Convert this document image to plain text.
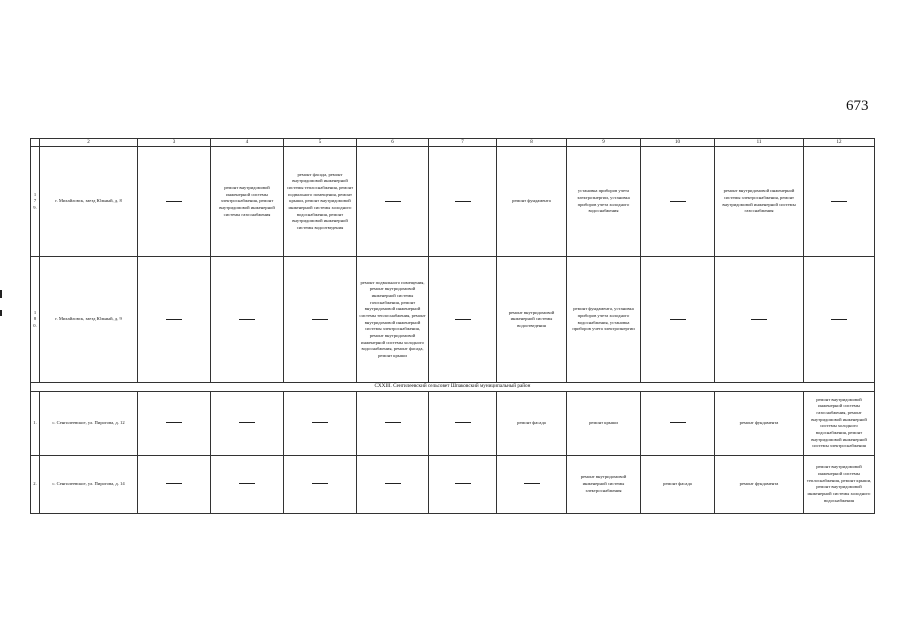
673
	2	3	4	5	6	7	8	9	10	11	12
179.	г. Михайловск, заезд Южный, д. 8		ремонт внутридомовой инженерной системы электроснабжения, ремонт внутридомовой инженерной системы газоснабжения	ремонт фасада, ремонт внутридомовой инженерной системы теплоснабжения, ремонт подвального помещения, ремонт крыши, ремонт внутридомовой инженерной системы холодного водоснабжения, ремонт внутридомовой инженерной системы водоотведения			ремонт фундамента	установка приборов учета электроэнергии, установка приборов учета холодного водоснабжения		ремонт внутридомовой инженерной системы электроснабжения, ремонт внутридомовой инженерной системы газоснабжения	
180.	г. Михайловск, заезд Южный, д. 9				ремонт подвального помещения, ремонт внутридомовой инженерной системы газоснабжения, ремонт внутридомовой инженерной системы теплоснабжения, ремонт внутридомовой инженерной системы электроснабжения, ремонт внутридомовой инженерной системы холодного водоснабжения, ремонт фасада, ремонт крыши		ремонт внутридомовой инженерной системы водоотведения	ремонт фундамента, установка приборов учета холодного водоснабжения, установка приборов учета электроэнергии			
СХХIII. Сенгилеевский сельсовет Шпаковский муниципальный район											
1.	с. Сенгилеевское, ул. Пирогова, д. 12						ремонт фасада	ремонт крыши		ремонт фундамента	ремонт внутридомовой инженерной системы газоснабжения, ремонт внутридомовой инженерной системы холодного водоснабжения, ремонт внутридомовой инженерной системы электроснабжения
2.	с. Сенгилеевское, ул. Пирогова, д. 14							ремонт внутридомовой инженерной системы электроснабжения	ремонт фасада	ремонт фундамента	ремонт внутридомовой инженерной системы теплоснабжения, ремонт крыши, ремонт внутридомовой инженерной системы холодного водоснабжения
